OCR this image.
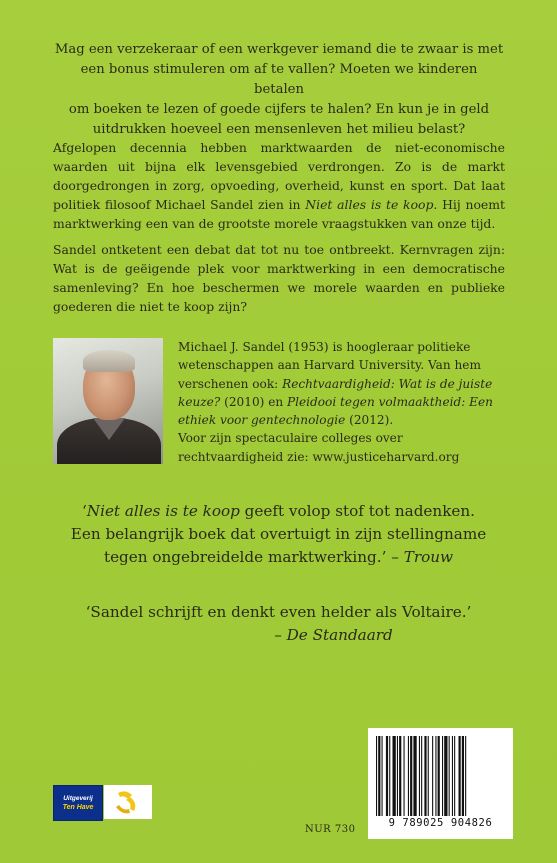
Mag een verzekeraar of een werkgever iemand die te zwaar is met
een bonus stimuleren om af te vallen? Moeten we kinderen betalen
om boeken te lezen of goede cijfers te halen? En kun je in geld
uitdrukken hoeveel een mensenleven het milieu belast?
Afgelopen decennia hebben marktwaarden de niet-economische waarden uit bijna elk levensgebied verdrongen. Zo is de markt doorgedrongen in zorg, opvoeding, overheid, kunst en sport. Dat laat politiek filosoof Michael Sandel zien in Niet alles is te koop. Hij noemt marktwerking een van de grootste morele vraagstukken van onze tijd.
Sandel ontketent een debat dat tot nu toe ontbreekt. Kernvragen zijn: Wat is de geëigende plek voor marktwerking in een democratische samenleving? En hoe beschermen we morele waarden en publieke goederen die niet te koop zijn?
Michael J. Sandel (1953) is hoogleraar politieke wetenschappen aan Harvard University. Van hem verschenen ook: Rechtvaardigheid: Wat is de juiste keuze? (2010) en Pleidooi tegen volmaaktheid: Een ethiek voor gentechnologie (2012).
Voor zijn spectaculaire colleges over rechtvaardigheid zie: www.justiceharvard.org
‘Niet alles is te koop geeft volop stof tot nadenken.
Een belangrijk boek dat overtuigt in zijn stellingname
tegen ongebreidelde marktwerking.’ – Trouw
‘Sandel schrijft en denkt even helder als Voltaire.’
– De Standaard
Uitgeverij
Ten Have
NUR 730
9 789025 904826
